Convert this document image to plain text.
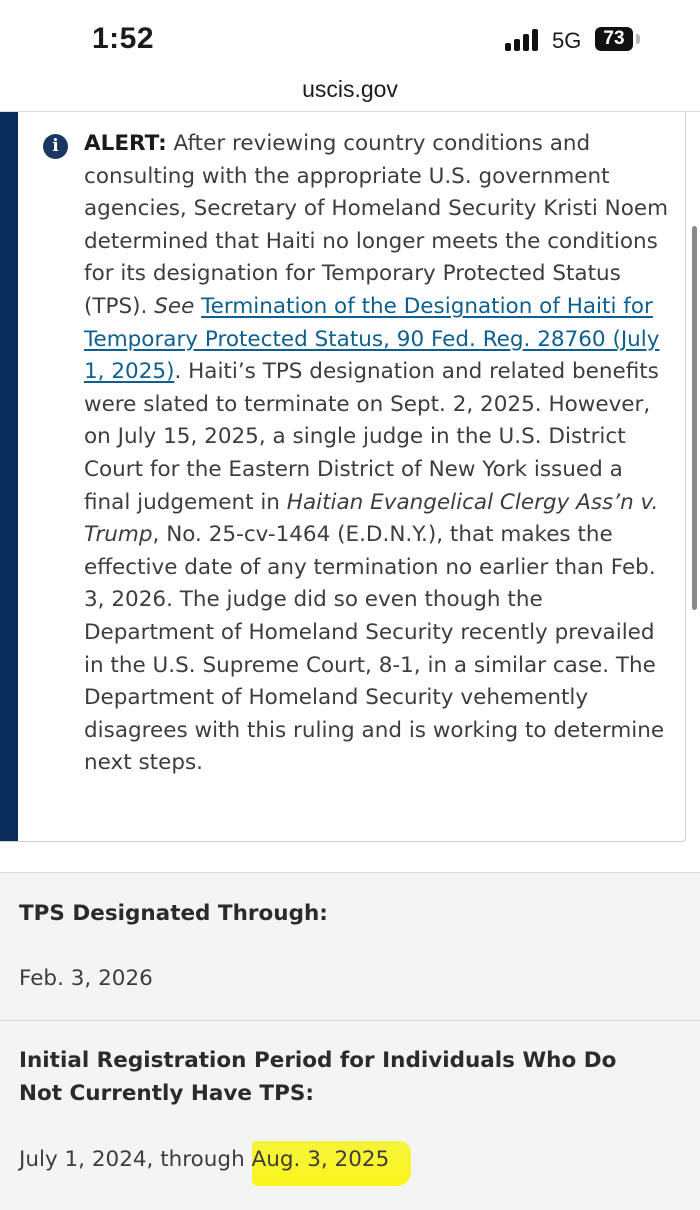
1:52	5G	73
uscis.gov
i	ALERT: After reviewing country conditions and consulting with the appropriate U.S. government agencies, Secretary of Homeland Security Kristi Noem determined that Haiti no longer meets the conditions for its designation for Temporary Protected Status (TPS). See Termination of the Designation of Haiti for Temporary Protected Status, 90 Fed. Reg. 28760 (July 1, 2025). Haiti’s TPS designation and related benefits were slated to terminate on Sept. 2, 2025. However, on July 15, 2025, a single judge in the U.S. District Court for the Eastern District of New York issued a final judgement in Haitian Evangelical Clergy Ass’n v. Trump, No. 25-cv-1464 (E.D.N.Y.), that makes the effective date of any termination no earlier than Feb. 3, 2026. The judge did so even though the Department of Homeland Security recently prevailed in the U.S. Supreme Court, 8-1, in a similar case. The Department of Homeland Security vehemently disagrees with this ruling and is working to determine next steps.
TPS Designated Through:
Feb. 3, 2026
Initial Registration Period for Individuals Who Do Not Currently Have TPS:
July 1, 2024, through Aug. 3, 2025
